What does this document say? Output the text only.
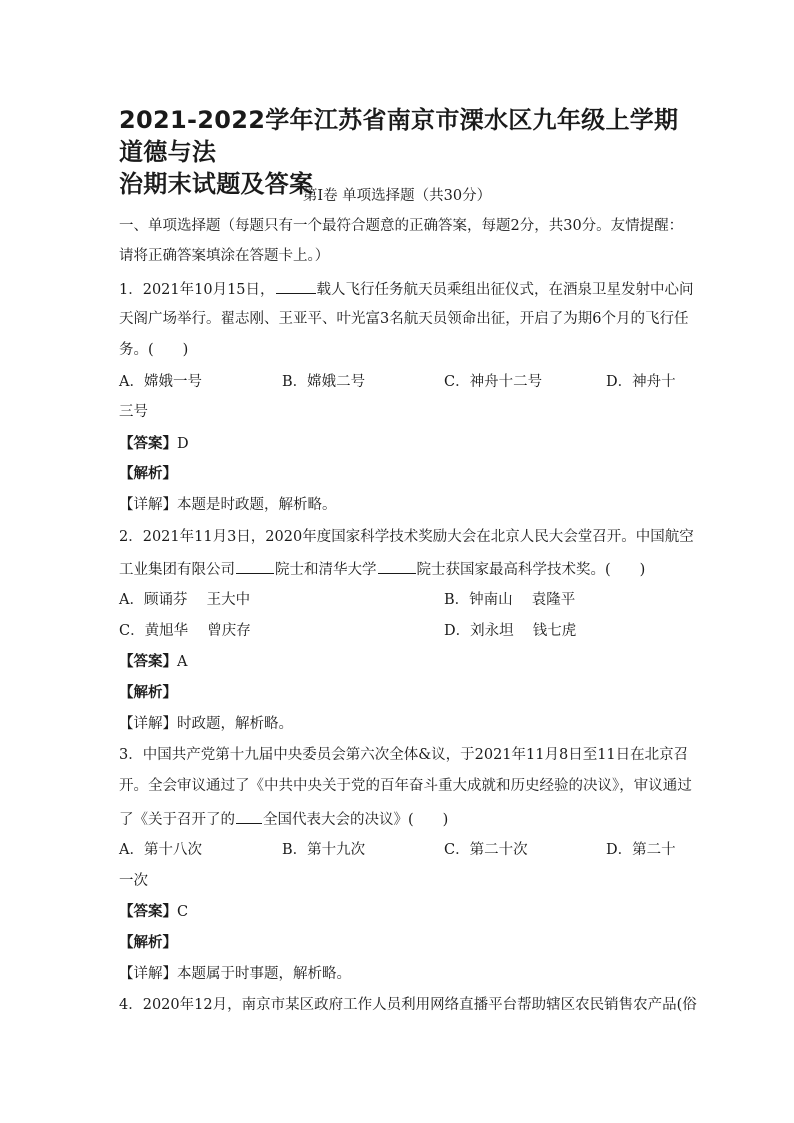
2021-2022学年江苏省南京市溧水区九年级上学期道德与法
治期末试题及答案

第Ⅰ卷 单项选择题（共30分）

一、单项选择题（每题只有一个最符合题意的正确答案，每题2分，共30分。友情提醒：

请将正确答案填涂在答题卡上。）

1．2021年10月15日，	载人飞行任务航天员乘组出征仪式，在酒泉卫星发射中心问

天阁广场举行。翟志刚、王亚平、叶光富3名航天员领命出征，开启了为期6个月的飞行任

务。(　　)

A．嫦娥一号	B．嫦娥二号	C．神舟十二号	D．神舟十

三号

【答案】D

【解析】

【详解】本题是时政题，解析略。

2．2021年11月3日，2020年度国家科学技术奖励大会在北京人民大会堂召开。中国航空

工业集团有限公司	院士和清华大学	院士获国家最高科学技术奖。(　　)

A．顾诵芬　 王大中	B．钟南山　 袁隆平
C．黄旭华　 曾庆存	D．刘永坦　 钱七虎

【答案】A

【解析】

【详解】时政题，解析略。

3．中国共产党第十九届中央委员会第六次全体&议，于2021年11月8日至11日在北京召

开。全会审议通过了《中共中央关于党的百年奋斗重大成就和历史经验的决议》，审议通过

了《关于召开了的 全国代表大会的决议》(　　)

A．第十八次	B．第十九次	C．第二十次	D．第二十

一次

【答案】C

【解析】

【详解】本题属于时事题，解析略。

4．2020年12月，南京市某区政府工作人员利用网络直播平台帮助辖区农民销售农产品(俗
